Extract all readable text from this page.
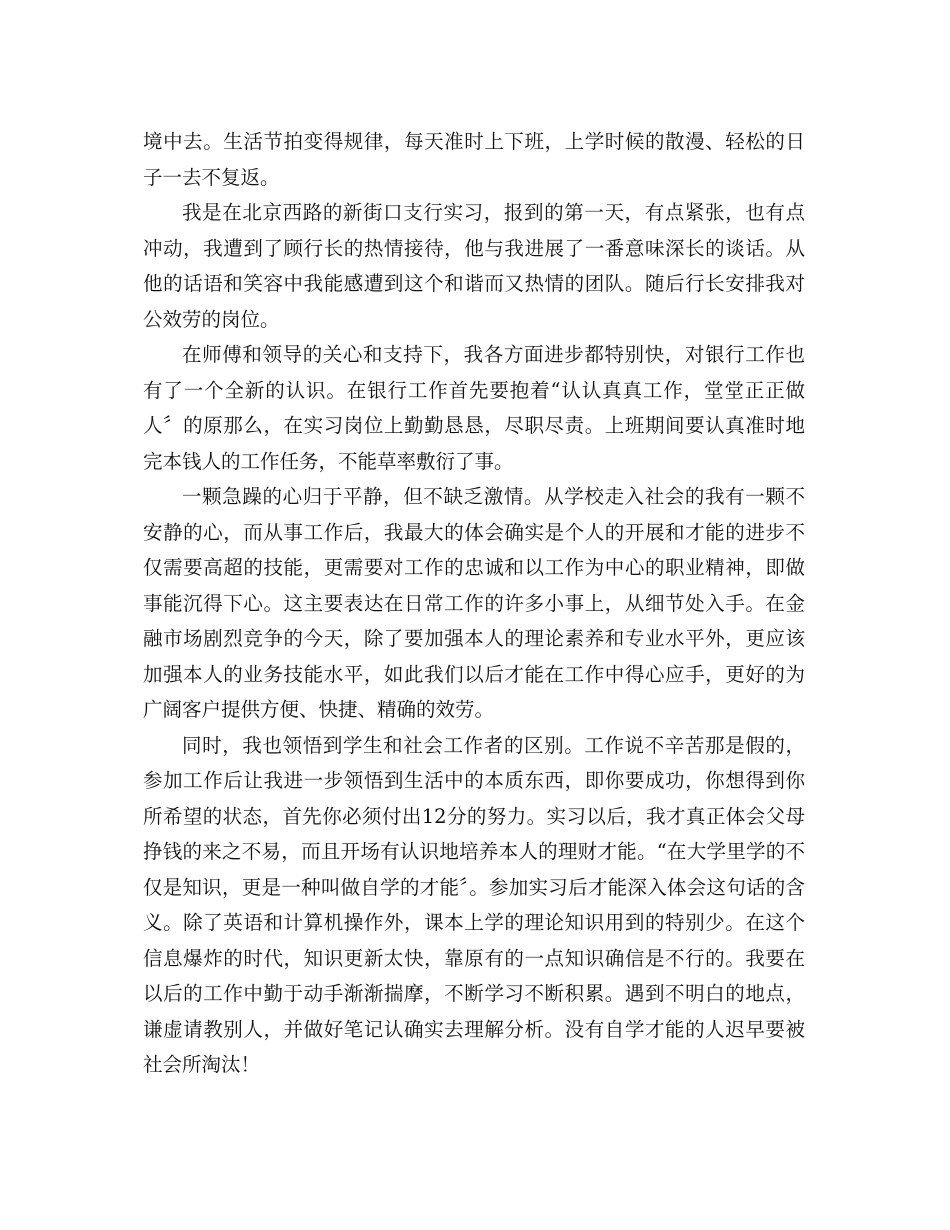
境中去。生活节拍变得规律，每天准时上下班，上学时候的散漫、轻松的日子一去不复返。

我是在北京西路的新街口支行实习，报到的第一天，有点紧张，也有点冲动，我遭到了顾行长的热情接待，他与我进展了一番意味深长的谈话。从他的话语和笑容中我能感遭到这个和谐而又热情的团队。随后行长安排我对公效劳的岗位。

在师傅和领导的关心和支持下，我各方面进步都特别快，对银行工作也有了一个全新的认识。在银行工作首先要抱着“认认真真工作，堂堂正正做人〞的原那么，在实习岗位上勤勤恳恳，尽职尽责。上班期间要认真准时地完本钱人的工作任务，不能草率敷衍了事。

一颗急躁的心归于平静，但不缺乏激情。从学校走入社会的我有一颗不安静的心，而从事工作后，我最大的体会确实是个人的开展和才能的进步不仅需要高超的技能，更需要对工作的忠诚和以工作为中心的职业精神，即做事能沉得下心。这主要表达在日常工作的许多小事上，从细节处入手。在金融市场剧烈竞争的今天，除了要加强本人的理论素养和专业水平外，更应该加强本人的业务技能水平，如此我们以后才能在工作中得心应手，更好的为广阔客户提供方便、快捷、精确的效劳。

同时，我也领悟到学生和社会工作者的区别。工作说不辛苦那是假的，参加工作后让我进一步领悟到生活中的本质东西，即你要成功，你想得到你所希望的状态，首先你必须付出12分的努力。实习以后，我才真正体会父母挣钱的来之不易，而且开场有认识地培养本人的理财才能。“在大学里学的不仅是知识，更是一种叫做自学的才能〞。参加实习后才能深入体会这句话的含义。除了英语和计算机操作外，课本上学的理论知识用到的特别少。在这个信息爆炸的时代，知识更新太快，靠原有的一点知识确信是不行的。我要在以后的工作中勤于动手渐渐揣摩，不断学习不断积累。遇到不明白的地点，谦虚请教别人，并做好笔记认确实去理解分析。没有自学才能的人迟早要被社会所淘汰！
